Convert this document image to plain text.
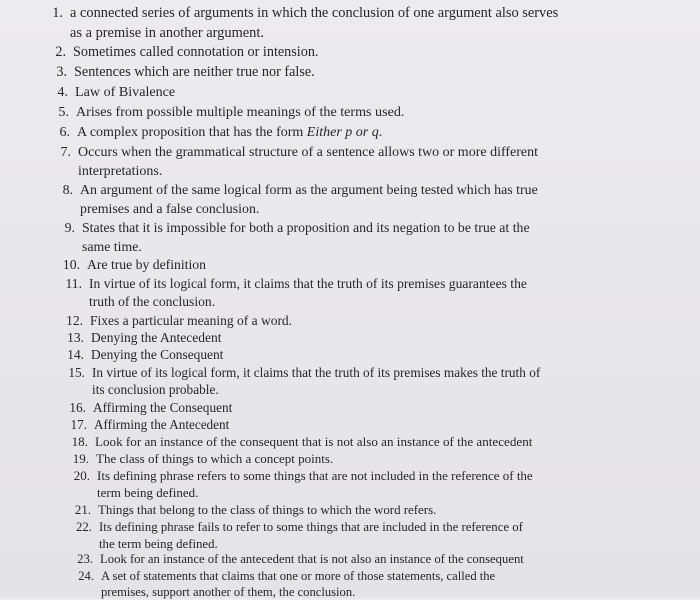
1. a connected series of arguments in which the conclusion of one argument also serves
as a premise in another argument.
2. Sometimes called connotation or intension.
3. Sentences which are neither true nor false.
4. Law of Bivalence
5. Arises from possible multiple meanings of the terms used.
6. A complex proposition that has the form Either p or q.
7. Occurs when the grammatical structure of a sentence allows two or more different
interpretations.
8. An argument of the same logical form as the argument being tested which has true
premises and a false conclusion.
9. States that it is impossible for both a proposition and its negation to be true at the
same time.
10. Are true by definition
11. In virtue of its logical form, it claims that the truth of its premises guarantees the
truth of the conclusion.
12. Fixes a particular meaning of a word.
13. Denying the Antecedent
14. Denying the Consequent
15. In virtue of its logical form, it claims that the truth of its premises makes the truth of
its conclusion probable.
16. Affirming the Consequent
17. Affirming the Antecedent
18. Look for an instance of the consequent that is not also an instance of the antecedent
19. The class of things to which a concept points.
20. Its defining phrase refers to some things that are not included in the reference of the
term being defined.
21. Things that belong to the class of things to which the word refers.
22. Its defining phrase fails to refer to some things that are included in the reference of
the term being defined.
23. Look for an instance of the antecedent that is not also an instance of the consequent
24. A set of statements that claims that one or more of those statements, called the
premises, support another of them, the conclusion.
